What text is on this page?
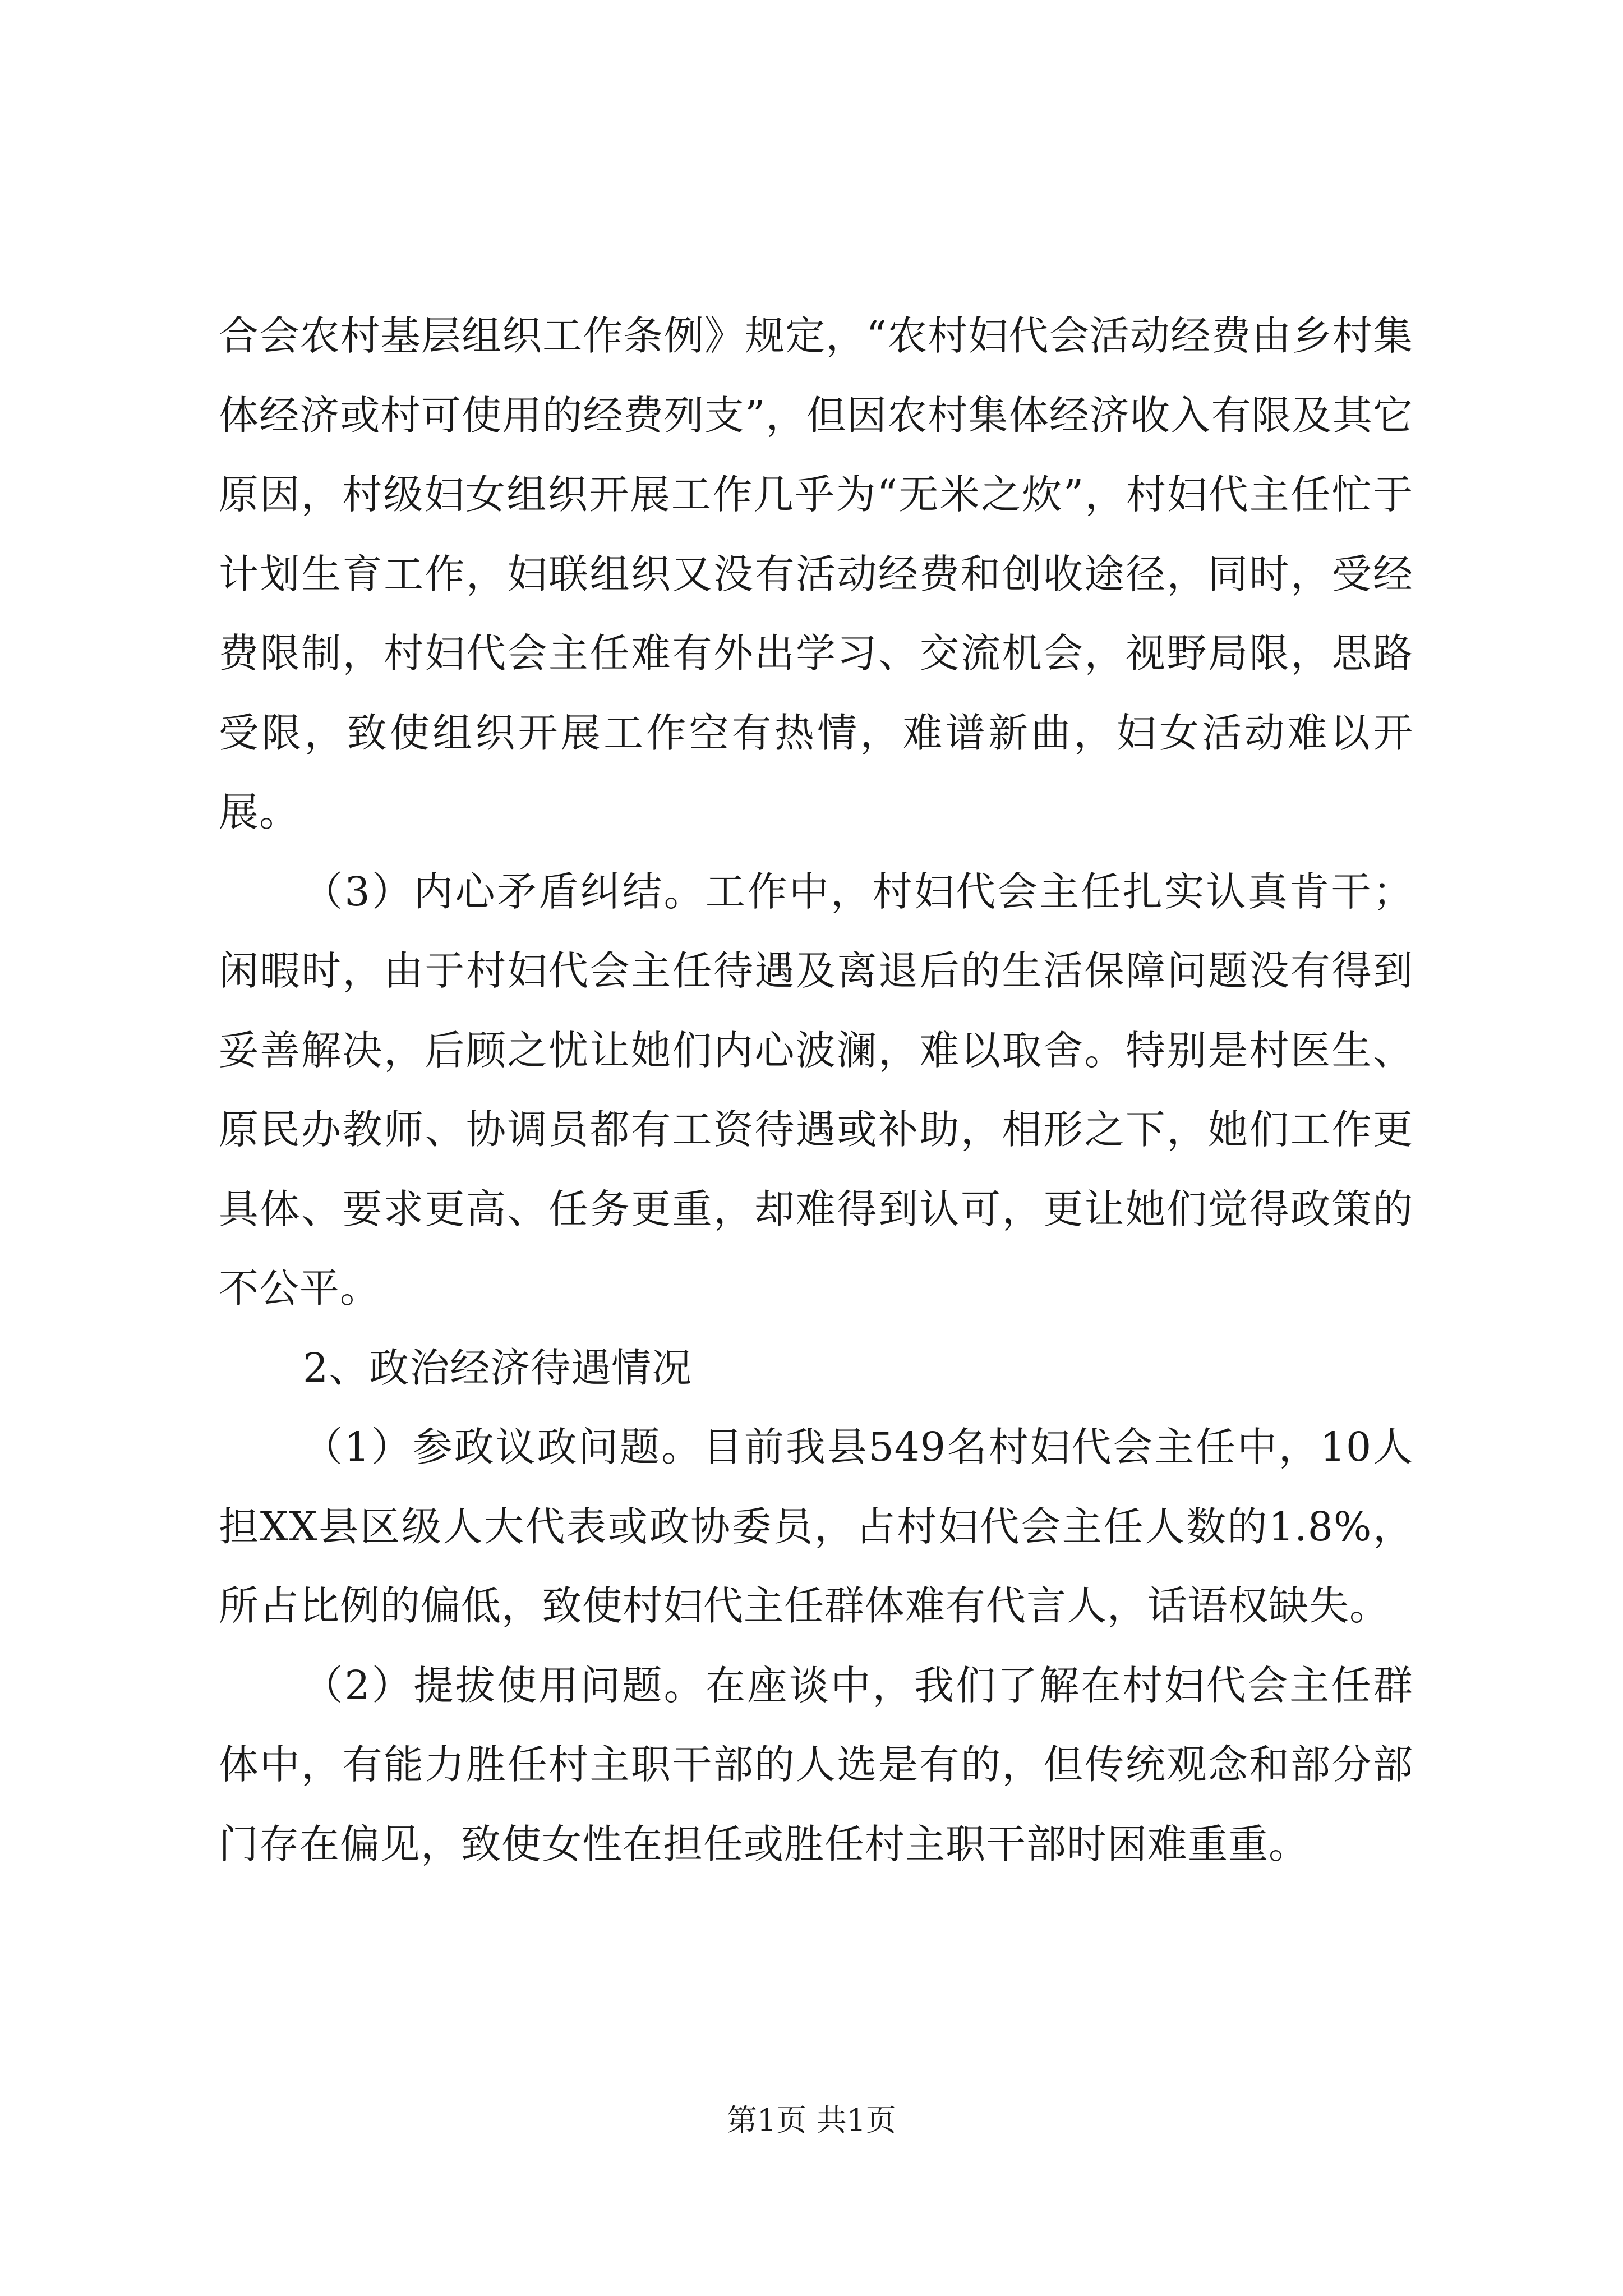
合会农村基层组织工作条例》规定，“农村妇代会活动经费由乡村集体经济或村可使用的经费列支”，但因农村集体经济收入有限及其它原因，村级妇女组织开展工作几乎为“无米之炊”，村妇代主任忙于计划生育工作，妇联组织又没有活动经费和创收途径，同时，受经费限制，村妇代会主任难有外出学习、交流机会，视野局限，思路受限，致使组织开展工作空有热情，难谱新曲，妇女活动难以开展。

（3）内心矛盾纠结。工作中，村妇代会主任扎实认真肯干；闲暇时，由于村妇代会主任待遇及离退后的生活保障问题没有得到妥善解决，后顾之忧让她们内心波澜，难以取舍。特别是村医生、原民办教师、协调员都有工资待遇或补助，相形之下，她们工作更具体、要求更高、任务更重，却难得到认可，更让她们觉得政策的不公平。

2、政治经济待遇情况

（1）参政议政问题。目前我县549名村妇代会主任中，10人担XX县区级人大代表或政协委员，占村妇代会主任人数的1.8%，所占比例的偏低，致使村妇代主任群体难有代言人，话语权缺失。

（2）提拔使用问题。在座谈中，我们了解在村妇代会主任群体中，有能力胜任村主职干部的人选是有的，但传统观念和部分部门存在偏见，致使女性在担任或胜任村主职干部时困难重重。

第1页 共1页
